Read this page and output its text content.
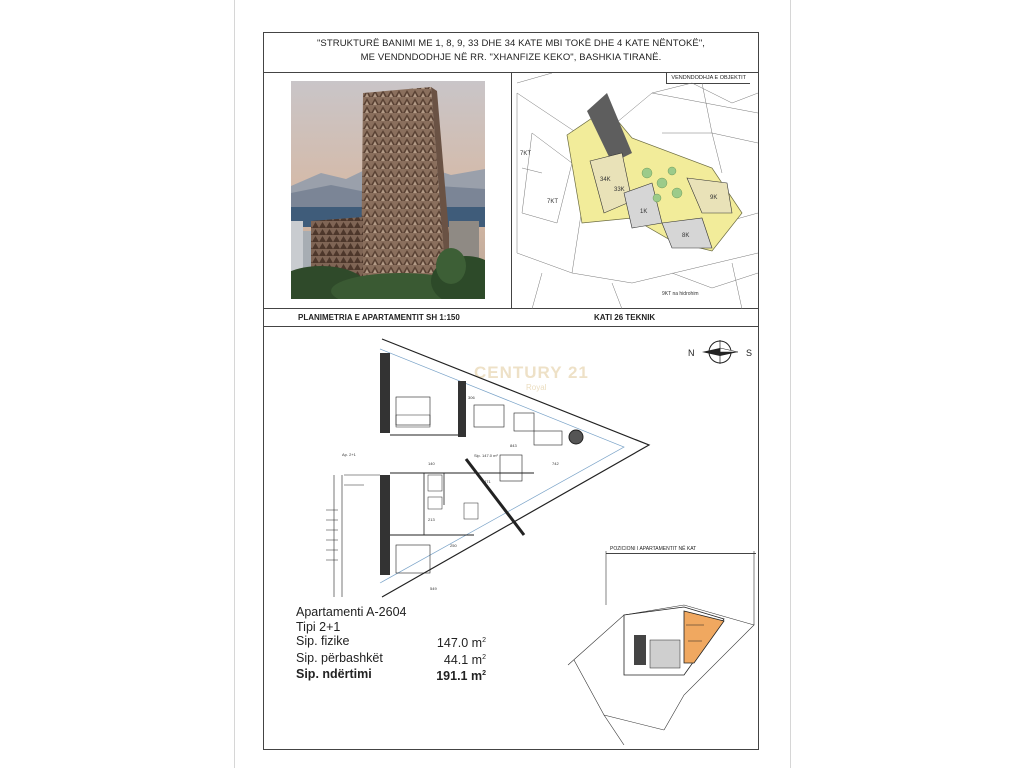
"STRUKTURË BANIMI ME 1, 8, 9, 33 DHE 34 KATE MBI TOKË DHE 4 KATE NËNTOKË",
ME VENDNDODHJE NË RR. "XHANFIZE KEKO", BASHKIA TIRANË.
VENDNDODHJA E OBJEKTIT
7KT
7KT
34K
33K
1K
9K
8K
9KT na hidrohim
PLANIMETRIA E APARTAMENTIT SH 1:150	KATI 26 TEKNIK
N	S
CENTURY 21
Royal
Ap. 2+1	Sip. 147.0 m²
306
843
742
471
549
213
250
140
Apartamenti A-2604
Tipi 2+1
Sip. fizike	147.0 $m^2$
Sip. përbashkët	44.1 $m^2$
Sip. ndërtimi	191.1 $m^2$
POZICIONI I APARTAMENTIT NË KAT
